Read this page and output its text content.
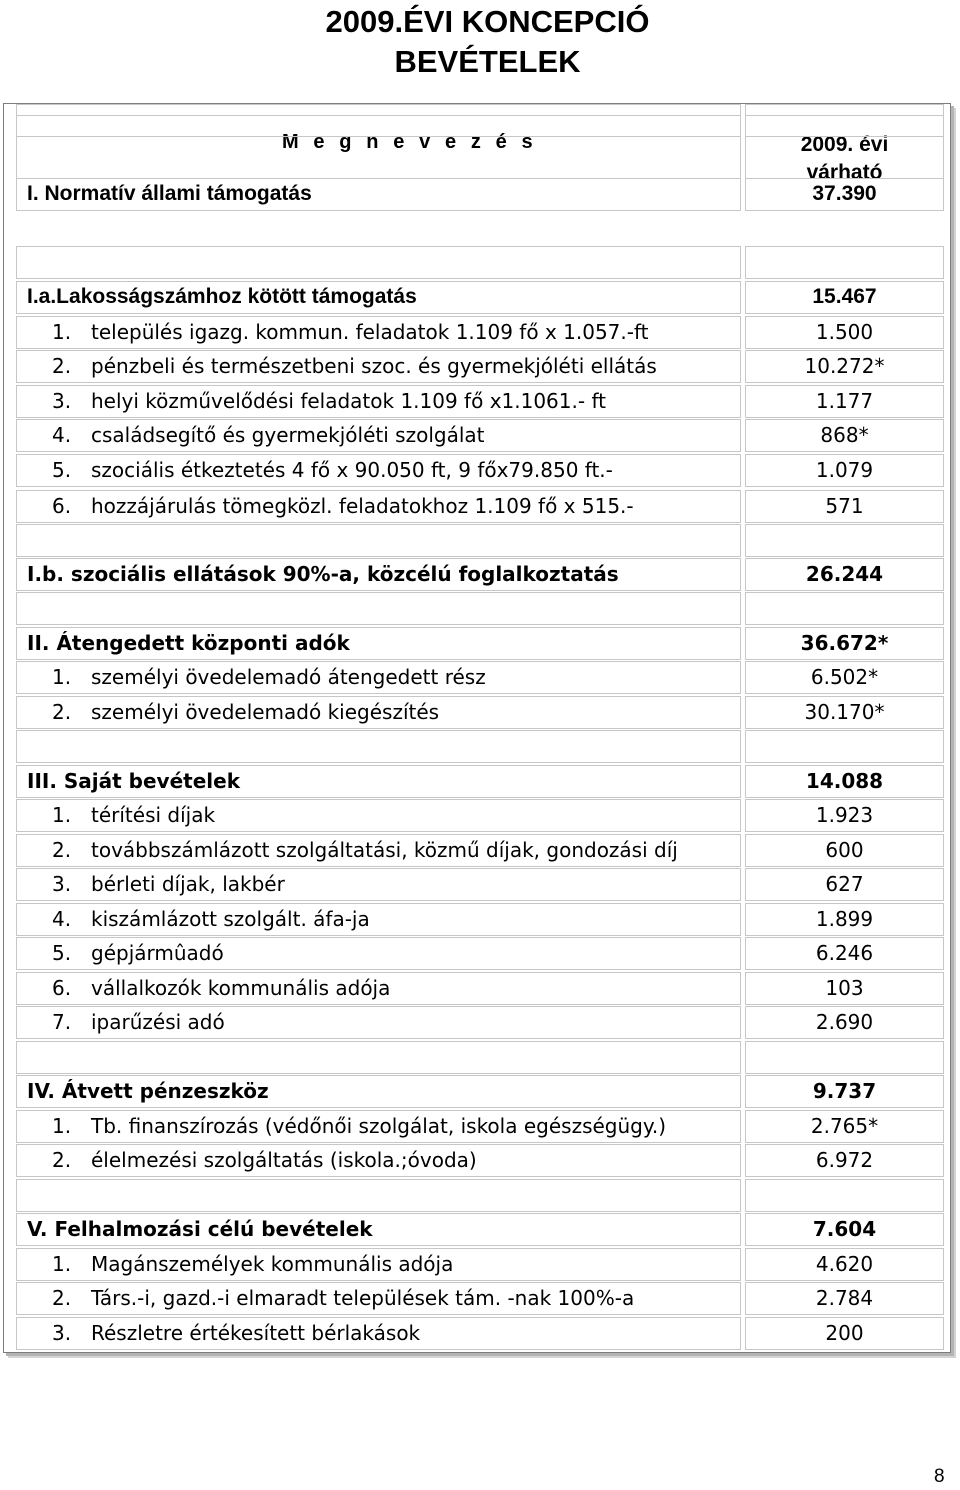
2009.ÉVI KONCEPCIÓ
BEVÉTELEK
M e g n e v e z é s	2009. évi
várható
I. Normatív állami támogatás	37.390
I.a.Lakosságszámhoz kötött támogatás	15.467
1. település igazg. kommun. feladatok 1.109 fő x 1.057.-ft	1.500
2. pénzbeli és természetbeni szoc. és gyermekjóléti ellátás	10.272*
3. helyi közművelődési feladatok 1.109 fő x1.1061.- ft	1.177
4. családsegítő és gyermekjóléti szolgálat	868*
5. szociális étkeztetés 4 fő x 90.050 ft, 9 főx79.850 ft.-	1.079
6. hozzájárulás tömegközl. feladatokhoz 1.109 fő x 515.-	571
I.b. szociális ellátások 90%-a, közcélú foglalkoztatás	26.244
II. Átengedett központi adók	36.672*
1. személyi övedelemadó átengedett rész	6.502*
2. személyi övedelemadó kiegészítés	30.170*
III. Saját bevételek	14.088
1. térítési díjak	1.923
2. továbbszámlázott szolgáltatási, közmű díjak, gondozási díj	600
3. bérleti díjak, lakbér	627
4. kiszámlázott szolgált. áfa-ja	1.899
5. gépjármûadó	6.246
6. vállalkozók kommunális adója	103
7. iparűzési adó	2.690
IV. Átvett pénzeszköz	9.737
1. Tb. finanszírozás (védőnői szolgálat, iskola egészségügy.)	2.765*
2. élelmezési szolgáltatás (iskola.;óvoda)	6.972
V. Felhalmozási célú bevételek	7.604
1. Magánszemélyek kommunális adója	4.620
2. Társ.-i, gazd.-i elmaradt települések tám. -nak 100%-a	2.784
3. Részletre értékesített bérlakások	200
8
